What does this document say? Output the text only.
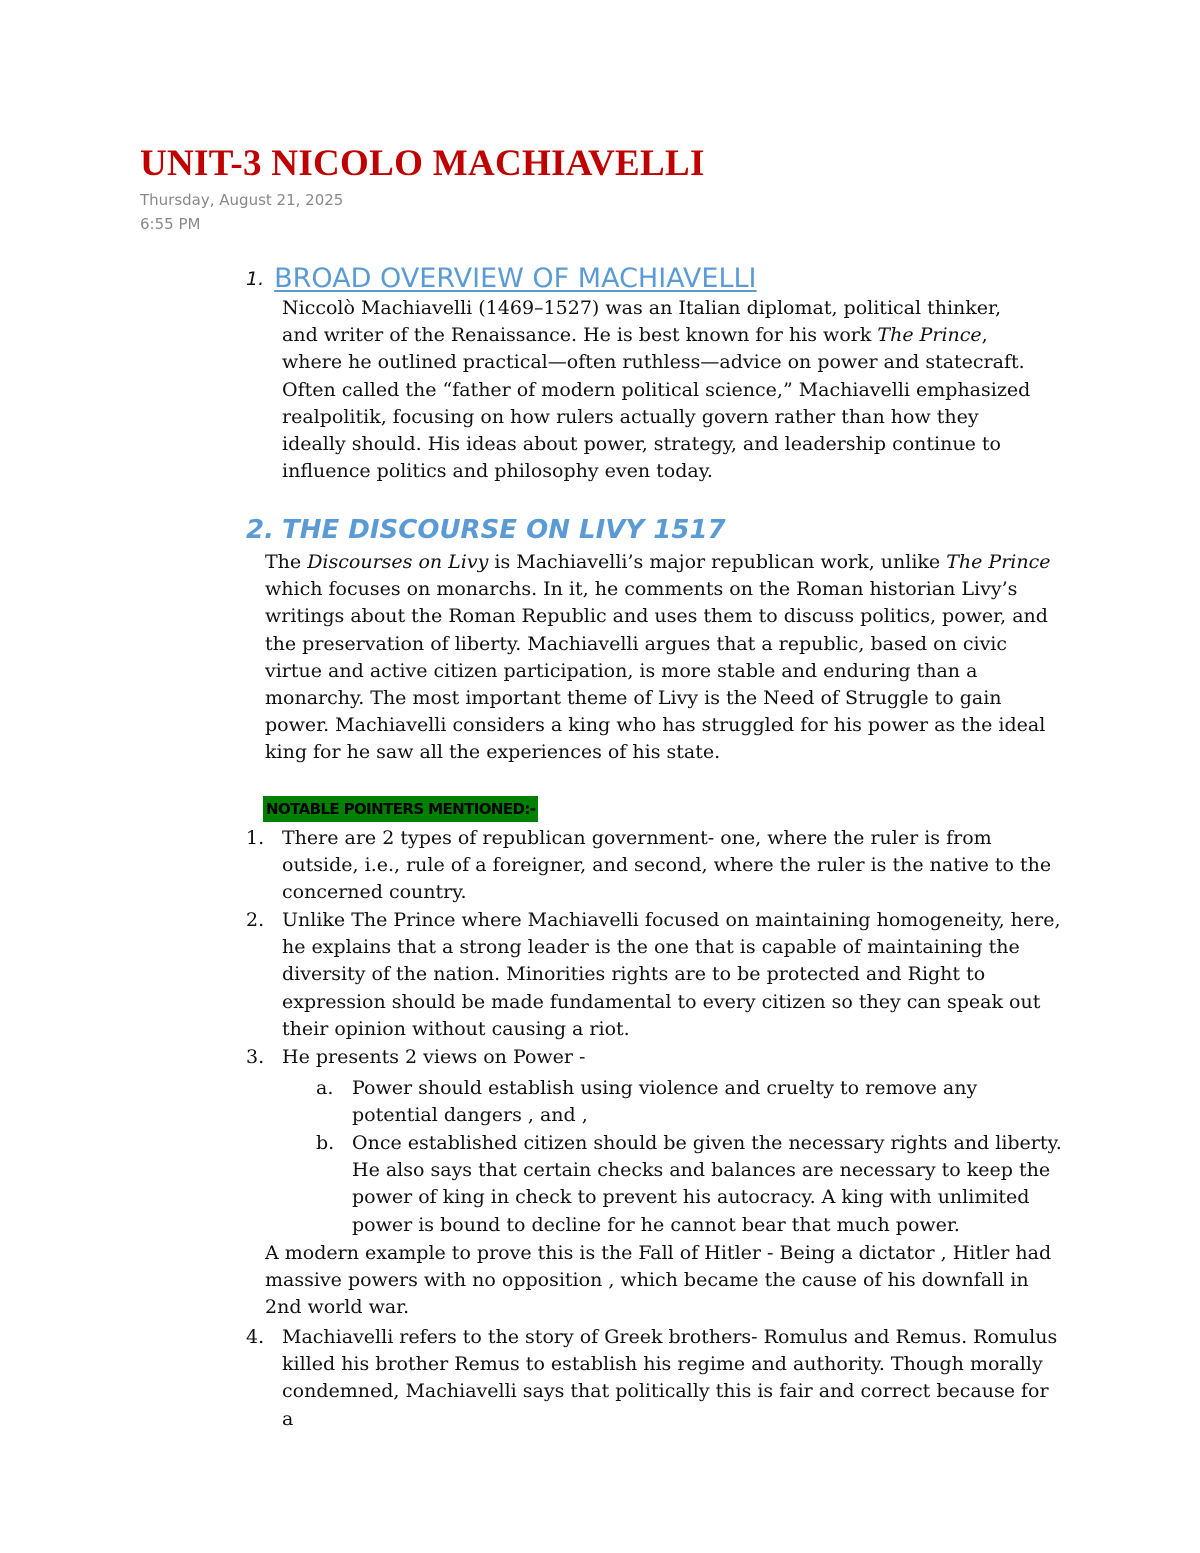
UNIT-3 NICOLO MACHIAVELLI
Thursday, August 21, 2025
6:55 PM
1. BROAD OVERVIEW OF MACHIAVELLI

Niccolò Machiavelli (1469–1527) was an Italian diplomat, political thinker, and writer of the Renaissance. He is best known for his work The Prince, where he outlined practical—often ruthless—advice on power and statecraft. Often called the “father of modern political science,” Machiavelli emphasized realpolitik, focusing on how rulers actually govern rather than how they ideally should. His ideas about power, strategy, and leadership continue to influence politics and philosophy even today.

2. THE DISCOURSE ON LIVY 1517

The Discourses on Livy is Machiavelli’s major republican work, unlike The Prince which focuses on monarchs. In it, he comments on the Roman historian Livy’s writings about the Roman Republic and uses them to discuss politics, power, and the preservation of liberty. Machiavelli argues that a republic, based on civic virtue and active citizen participation, is more stable and enduring than a monarchy. The most important theme of Livy is the Need of Struggle to gain power. Machiavelli considers a king who has struggled for his power as the ideal king for he saw all the experiences of his state.

NOTABLE POINTERS MENTIONED:-
1. There are 2 types of republican government- one, where the ruler is from outside, i.e., rule of a foreigner, and second, where the ruler is the native to the concerned country.
2. Unlike The Prince where Machiavelli focused on maintaining homogeneity, here, he explains that a strong leader is the one that is capable of maintaining the diversity of the nation. Minorities rights are to be protected and Right to expression should be made fundamental to every citizen so they can speak out their opinion without causing a riot.
3. He presents 2 views on Power -
a. Power should establish using violence and cruelty to remove any potential dangers , and ,
b. Once established citizen should be given the necessary rights and liberty. He also says that certain checks and balances are necessary to keep the power of king in check to prevent his autocracy. A king with unlimited power is bound to decline for he cannot bear that much power.

A modern example to prove this is the Fall of Hitler - Being a dictator , Hitler had massive powers with no opposition , which became the cause of his downfall in 2nd world war.

4. Machiavelli refers to the story of Greek brothers- Romulus and Remus. Romulus killed his brother Remus to establish his regime and authority. Though morally condemned, Machiavelli says that politically this is fair and correct because for a
